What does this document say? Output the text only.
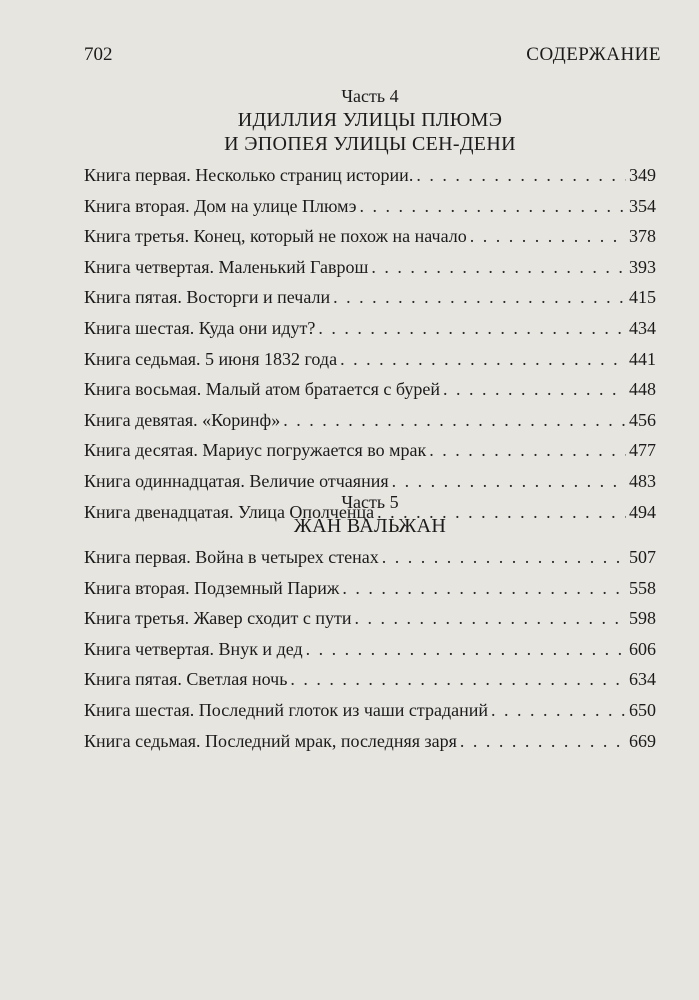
702	СОДЕРЖАНИЕ
Часть 4
ИДИЛЛИЯ УЛИЦЫ ПЛЮМЭ
И ЭПОПЕЯ УЛИЦЫ СЕН-ДЕНИ
Книга первая. Несколько страниц истории. . . .	349
Книга вторая. Дом на улице Плюмэ . . .	354
Книга третья. Конец, который не похож на начало . . .	378
Книга четвертая. Маленький Гаврош . . .	393
Книга пятая. Восторги и печали . . .	415
Книга шестая. Куда они идут? . . .	434
Книга седьмая. 5 июня 1832 года . . .	441
Книга восьмая. Малый атом братается с бурей . . .	448
Книга девятая. «Коринф» . . .	456
Книга десятая. Мариус погружается во мрак . . .	477
Книга одиннадцатая. Величие отчаяния . . .	483
Книга двенадцатая. Улица Ополченца . . .	494
Часть 5
ЖАН ВАЛЬЖАН
Книга первая. Война в четырех стенах . . .	507
Книга вторая. Подземный Париж . . .	558
Книга третья. Жавер сходит с пути . . .	598
Книга четвертая. Внук и дед . . .	606
Книга пятая. Светлая ночь . . .	634
Книга шестая. Последний глоток из чаши страданий . . .	650
Книга седьмая. Последний мрак, последняя заря . . .	669
